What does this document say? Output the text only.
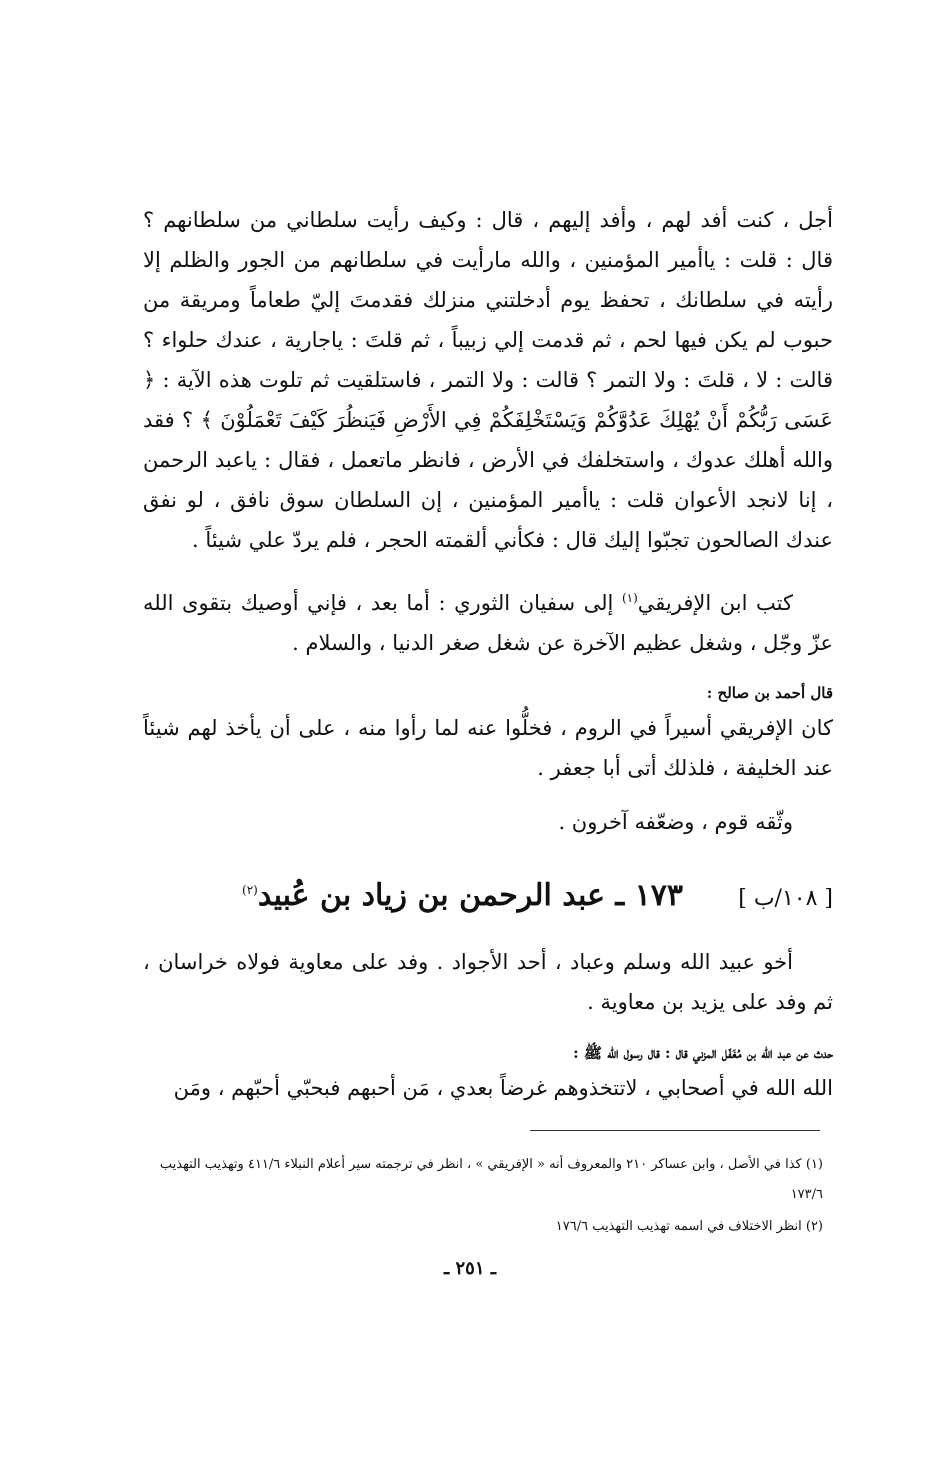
أجل ، كنت أفد لهم ، وأفد إليهم ، قال : وكيف رأيت سلطاني من سلطانهم ؟ قال : قلت : ياأمير المؤمنين ، والله مارأيت في سلطانهم من الجور والظلم إلا رأيته في سلطانك ، تحفظ يوم أدخلتني منزلك فقدمتَ إليّ طعاماً ومريقة من حبوب لم يكن فيها لحم ، ثم قدمت إلي زبيباً ، ثم قلتَ : ياجارية ، عندك حلواء ؟ قالت : لا ، قلتَ : ولا التمر ؟ قالت : ولا التمر ، فاستلقيت ثم تلوت هذه الآية : ﴿ عَسَى رَبُّكُمْ أَنْ يُهْلِكَ عَدُوَّكُمْ وَيَسْتَخْلِفَكُمْ فِي الأَرْضِ فَيَنظُرَ كَيْفَ تَعْمَلُوْنَ ﴾ ؟ فقد والله أهلك عدوك ، واستخلفك في الأرض ، فانظر ماتعمل ، فقال : ياعبد الرحمن ، إنا لانجد الأعوان قلت : ياأمير المؤمنين ، إن السلطان سوق نافق ، لو نفق عندك الصالحون تجبّوا إليك قال : فكأني ألقمته الحجر ، فلم يردّ علي شيئاً .

كتب ابن الإفريقي$^{(١)}$ إلى سفيان الثوري : أما بعد ، فإني أوصيك بتقوى الله عزّ وجّل ، وشغل عظيم الآخرة عن شغل صغر الدنيا ، والسلام .

قال أحمد بن صالح :

كان الإفريقي أسيراً في الروم ، فخلُّوا عنه لما رأوا منه ، على أن يأخذ لهم شيئاً عند الخليفة ، فلذلك أتى أبا جعفر .

وثّقه قوم ، وضعّفه آخرون .

[ ١٠٨/ب ]
١٧٣ ـ عبد الرحمن بن زياد بن عُبيد$^{(٢)}$

أخو عبيد الله وسلم وعباد ، أحد الأجواد . وفد على معاوية فولاه خراسان ، ثم وفد على يزيد بن معاوية .

حدث عن عبد الله بن مُغَفّل المزني قال : قال رسول الله ﷺ :

الله الله في أصحابي ، لاتتخذوهم غرضاً بعدي ، مَن أحبهم فبحبّي أحبّهم ، ومَن

(١) كذا في الأصل ، وابن عساكر ٢١٠ والمعروف أنه « الإفريقي » ، انظر في ترجمته سير أعلام النبلاء ٤١١/٦ وتهذيب التهذيب ١٧٣/٦

(٢) انظر الاختلاف في اسمه تهذيب التهذيب ١٧٦/٦

ـ ٢٥١ ـ
